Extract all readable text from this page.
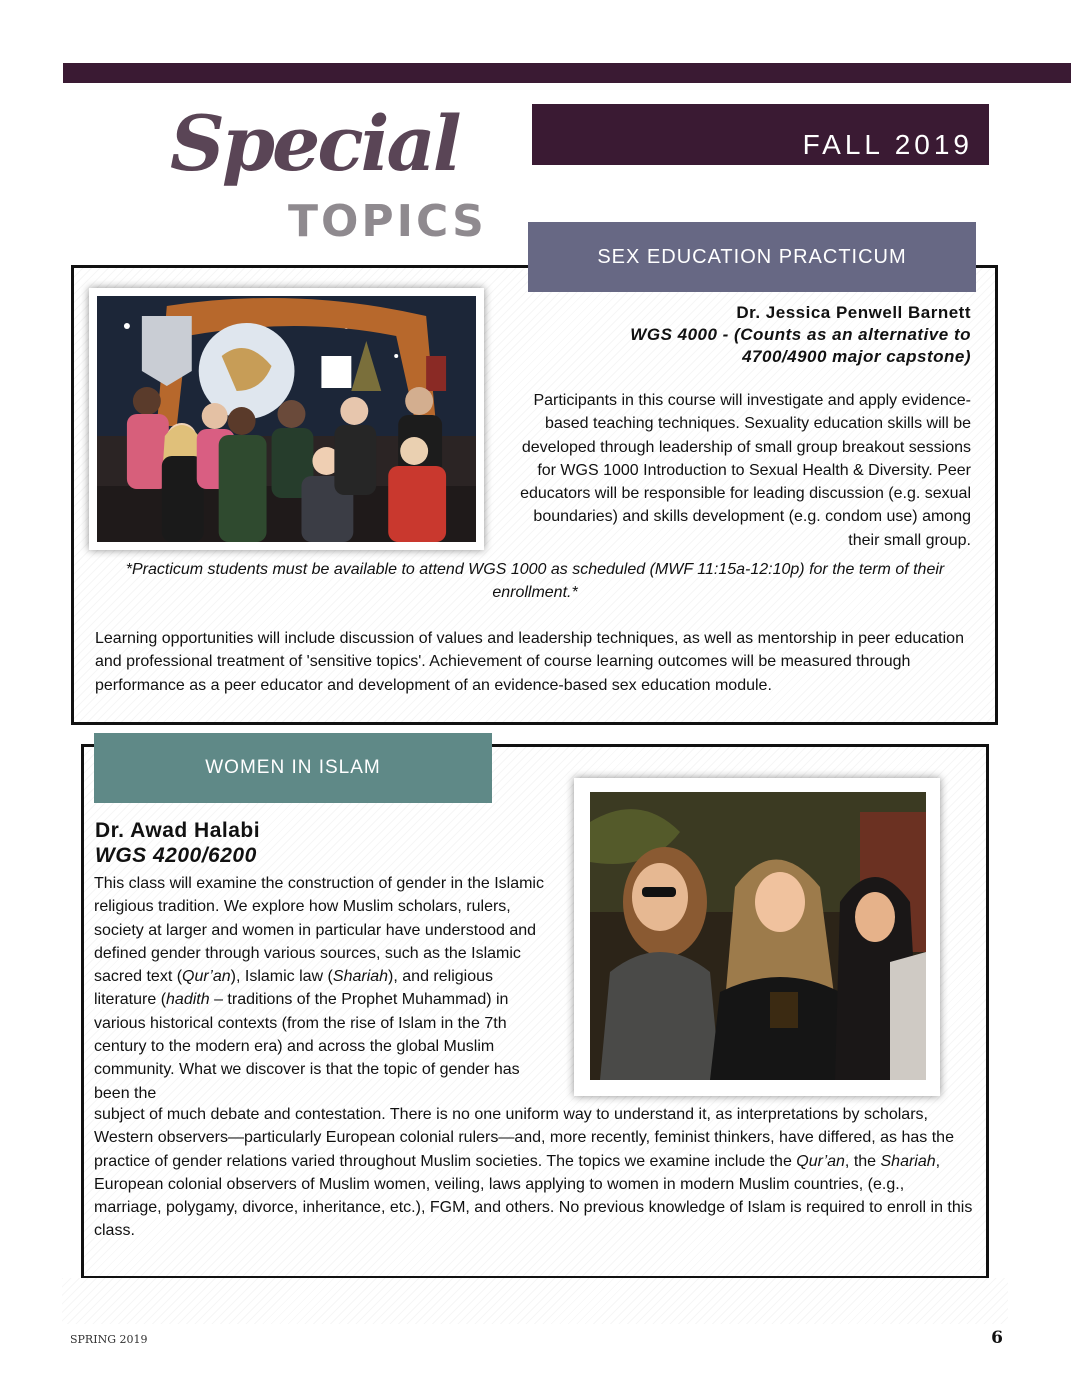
Special
TOPICS
FALL 2019
SEX EDUCATION PRACTICUM
Dr. Jessica Penwell Barnett
WGS 4000 - (Counts as an alternative to 4700/4900 major capstone)
Participants in this course will investigate and apply evidence-based teaching techniques. Sexuality education skills will be developed through leadership of small group breakout sessions for WGS 1000 Introduction to Sexual Health & Diversity. Peer educators will be responsible for leading discussion (e.g. sexual boundaries) and skills development (e.g. condom use) among their small group.
*Practicum students must be available to attend WGS 1000 as scheduled (MWF 11:15a-12:10p) for the term of their enrollment.*
Learning opportunities will include discussion of values and leadership techniques, as well as mentorship in peer education and professional treatment of 'sensitive topics'. Achievement of course learning outcomes will be measured through performance as a peer educator and development of an evidence-based sex education module.
WOMEN IN ISLAM
Dr. Awad Halabi
WGS 4200/6200
This class will examine the construction of gender in the Islamic religious tradition. We explore how Muslim scholars, rulers, society at larger and women in particular have understood and defined gender through various sources, such as the Islamic sacred text (Qur’an), Islamic law (Shariah), and religious literature (hadith – traditions of the Prophet Muhammad) in various historical contexts (from the rise of Islam in the 7th century to the modern era) and across the global Muslim community. What we discover is that the topic of gender has been the
subject of much debate and contestation. There is no one uniform way to understand it, as interpretations by scholars, Western observers—particularly European colonial rulers—and, more recently, feminist thinkers, have differed, as has the practice of gender relations varied throughout Muslim societies. The topics we examine include the Qur’an, the Shariah, European colonial observers of Muslim women, veiling, laws applying to women in modern Muslim countries, (e.g., marriage, polygamy, divorce, inheritance, etc.), FGM, and others. No previous knowledge of Islam is required to enroll in this class.
SPRING 2019	6
